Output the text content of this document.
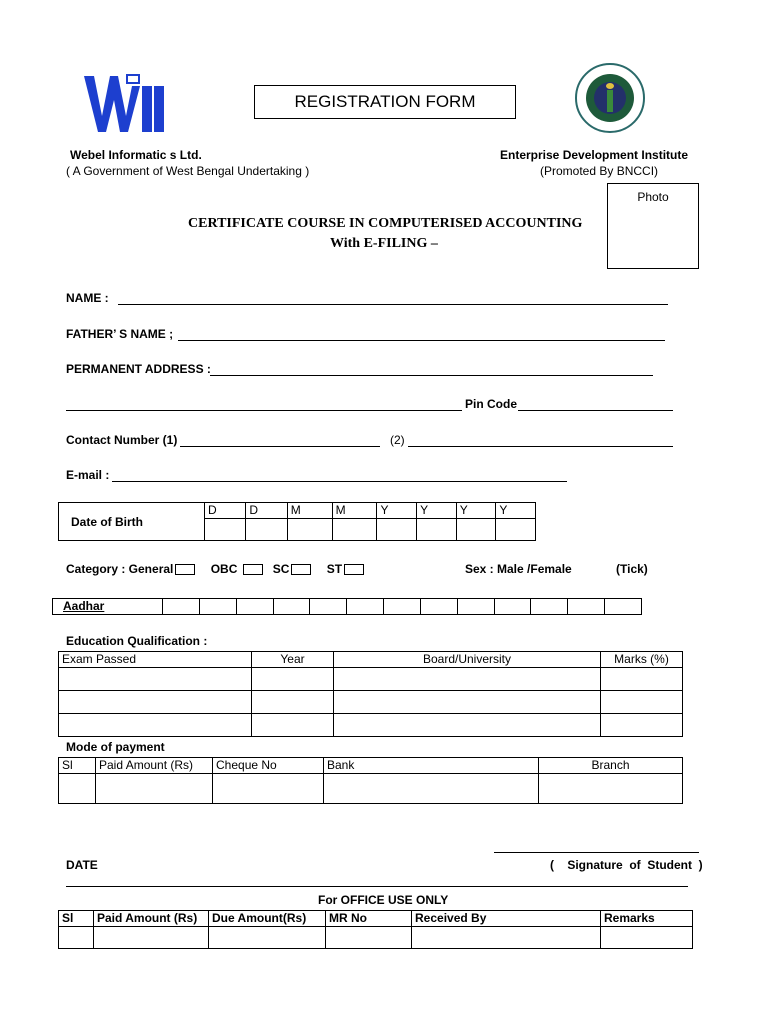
REGISTRATION FORM
Webel Informatic s Ltd.
( A Government of West Bengal Undertaking )
Enterprise Development Institute
(Promoted By BNCCI)
Photo
CERTIFICATE COURSE IN COMPUTERISED ACCOUNTING
With E-FILING –
NAME :
FATHER’ S NAME ;
PERMANENT ADDRESS :
Pin Code
Contact Number (1)	(2)
E-mail :
Date of Birth	D	D	M	M	Y	Y	Y	Y

Category : General	OBC	SC	ST	Sex : Male /Female	(Tick)
Aadhar													
Education Qualification :
Exam Passed	Year	Board/University	Marks (%)

Mode of payment
Sl	Paid Amount (Rs)	Cheque No	Bank	Branch

DATE	(    Signature  of  Student  )
For OFFICE USE ONLY
Sl	Paid Amount (Rs)	Due Amount(Rs)	MR No	Received By	Remarks
